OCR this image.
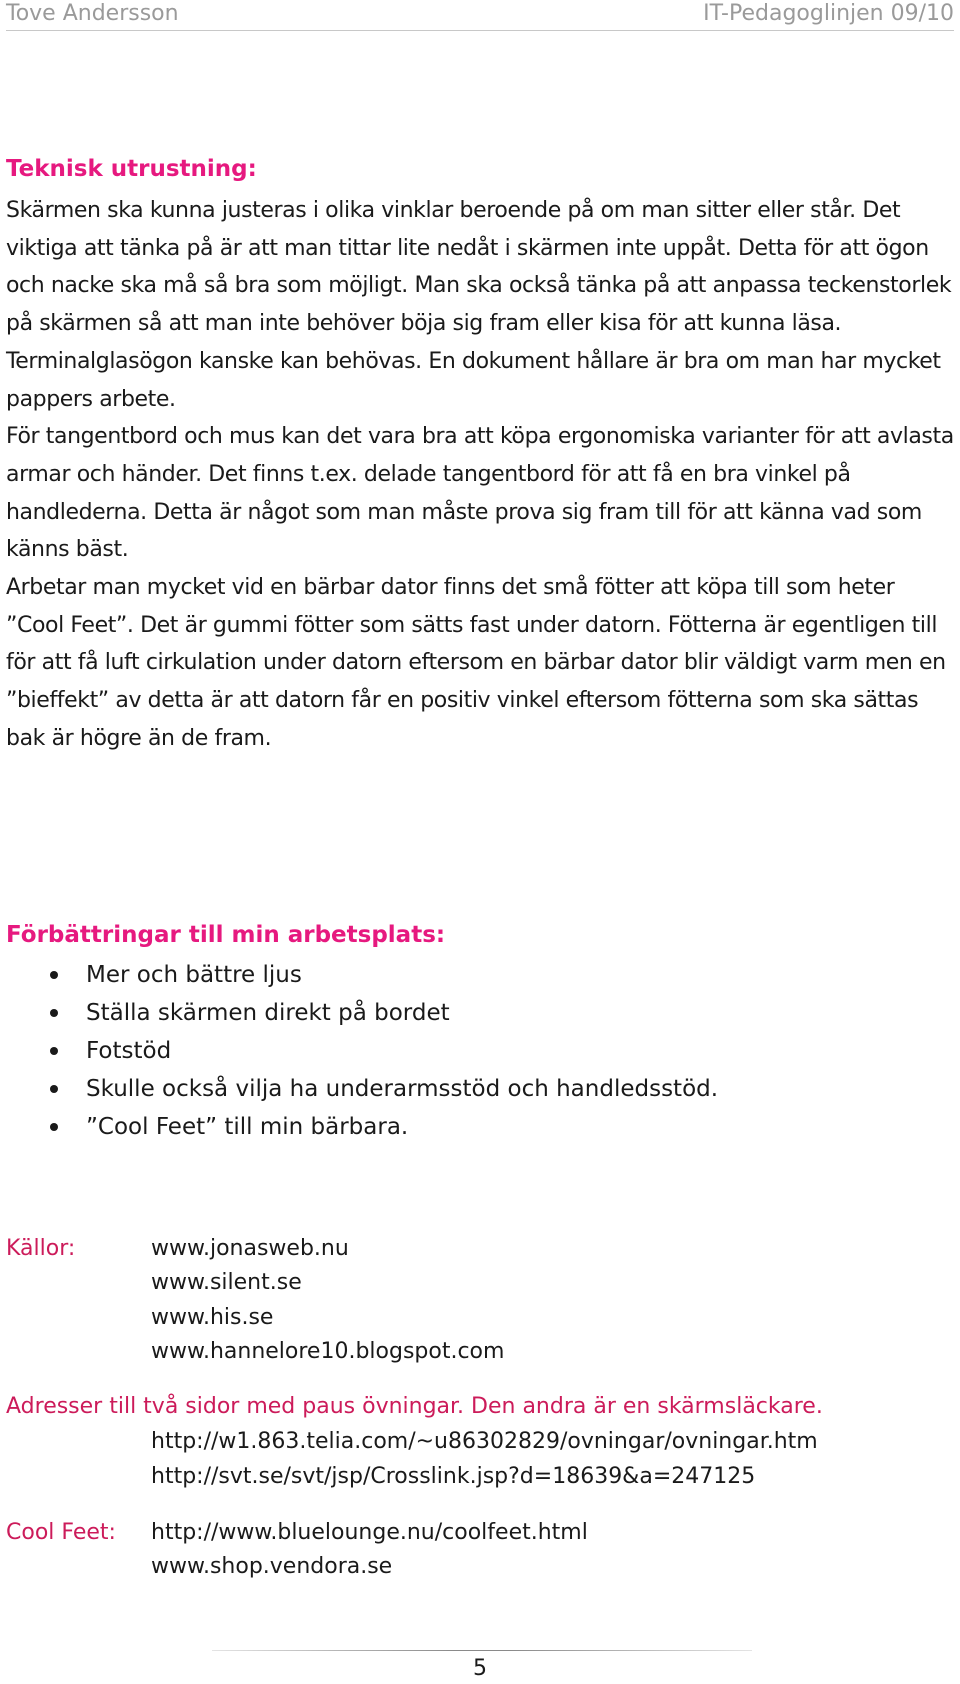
Tove Andersson	IT-Pedagoglinjen 09/10
Teknisk utrustning:

Skärmen ska kunna justeras i olika vinklar beroende på om man sitter eller står. Det viktiga att tänka på är att man tittar lite nedåt i skärmen inte uppåt. Detta för att ögon och nacke ska må så bra som möjligt. Man ska också tänka på att anpassa teckenstorlek på skärmen så att man inte behöver böja sig fram eller kisa för att kunna läsa. Terminalglasögon kanske kan behövas. En dokument hållare är bra om man har mycket pappers arbete.

För tangentbord och mus kan det vara bra att köpa ergonomiska varianter för att avlasta armar och händer. Det finns t.ex. delade tangentbord för att få en bra vinkel på handlederna. Detta är något som man måste prova sig fram till för att känna vad som känns bäst.

Arbetar man mycket vid en bärbar dator finns det små fötter att köpa till som heter ”Cool Feet”. Det är gummi fötter som sätts fast under datorn. Fötterna är egentligen till för att få luft cirkulation under datorn eftersom en bärbar dator blir väldigt varm men en ”bieffekt” av detta är att datorn får en positiv vinkel eftersom fötterna som ska sättas bak är högre än de fram.

Förbättringar till min arbetsplats:
Mer och bättre ljus
Ställa skärmen direkt på bordet
Fotstöd
Skulle också vilja ha underarmsstöd och handledsstöd.
”Cool Feet” till min bärbara.
Källor:	www.jonasweb.nu
www.silent.se
www.his.se
www.hannelore10.blogspot.com
Adresser till två sidor med paus övningar. Den andra är en skärmsläckare.
http://w1.863.telia.com/~u86302829/ovningar/ovningar.htm
http://svt.se/svt/jsp/Crosslink.jsp?d=18639&a=247125
Cool Feet: http://www.bluelounge.nu/coolfeet.html
www.shop.vendora.se
5
